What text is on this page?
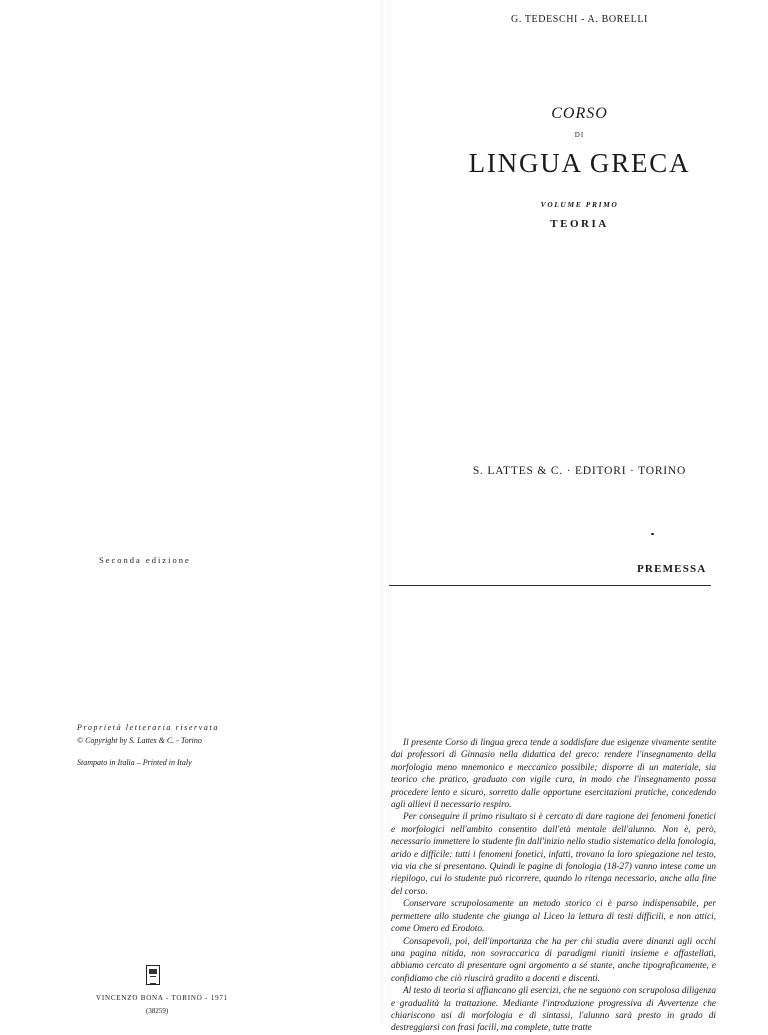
G. TEDESCHI - A. BORELLI
CORSO
DI
LINGUA GRECA
VOLUME PRIMO
TEORIA
S. LATTES & C. · EDITORI · TORINO
Seconda edizione
Proprietà letteraria riservata
© Copyright by S. Lattes & C. - Torino
Stampato in Italia – Printed in Italy
VINCENZO BONA - TORINO - 1971
(38259)
PREMESSA

Il presente Corso di lingua greca tende a soddisfare due esigenze vivamente sentite dai professori di Ginnasio nella didattica del greco: rendere l'insegnamento della morfologia meno mnemonico e meccanico possibile; disporre di un materiale, sia teorico che pratico, graduato con vigile cura, in modo che l'insegnamento possa procedere lento e sicuro, sorretto dalle opportune esercitazioni pratiche, concedendo agli allievi il necessario respiro.

Per conseguire il primo risultato si è cercato di dare ragione dei fenomeni fonetici e morfologici nell'ambito consentito dall'età mentale dell'alunno. Non è, però, necessario immettere lo studente fin dall'inizio nello studio sistematico della fonologia, arido e difficile: tutti i fenomeni fonetici, infatti, trovano la loro spiegazione nel testo, via via che si presentano. Quindi le pagine di fonologia (18-27) vanno intese come un riepilogo, cui lo studente può ricorrere, quando lo ritenga necessario, anche alla fine del corso.

Conservare scrupolosamente un metodo storico ci è parso indispensabile, per permettere allo studente che giunga al Liceo la lettura di testi difficili, e non attici, come Omero ed Erodoto.

Consapevoli, poi, dell'importanza che ha per chi studia avere dinanzi agli occhi una pagina nitida, non sovraccarica di paradigmi riuniti insieme e affastellati, abbiamo cercato di presentare ogni argomento a sé stante, anche tipograficamente, e confidiamo che ciò riuscirà gradito a docenti e discenti.

Al testo di teoria si affiancano gli esercizi, che ne seguono con scrupolosa diligenza e gradualità la trattazione. Mediante l'introduzione progressiva di Avvertenze che chiariscono usi di morfologia e di sintassi, l'alunno sarà presto in grado di destreggiarsi con frasi facili, ma complete, tutte tratte
